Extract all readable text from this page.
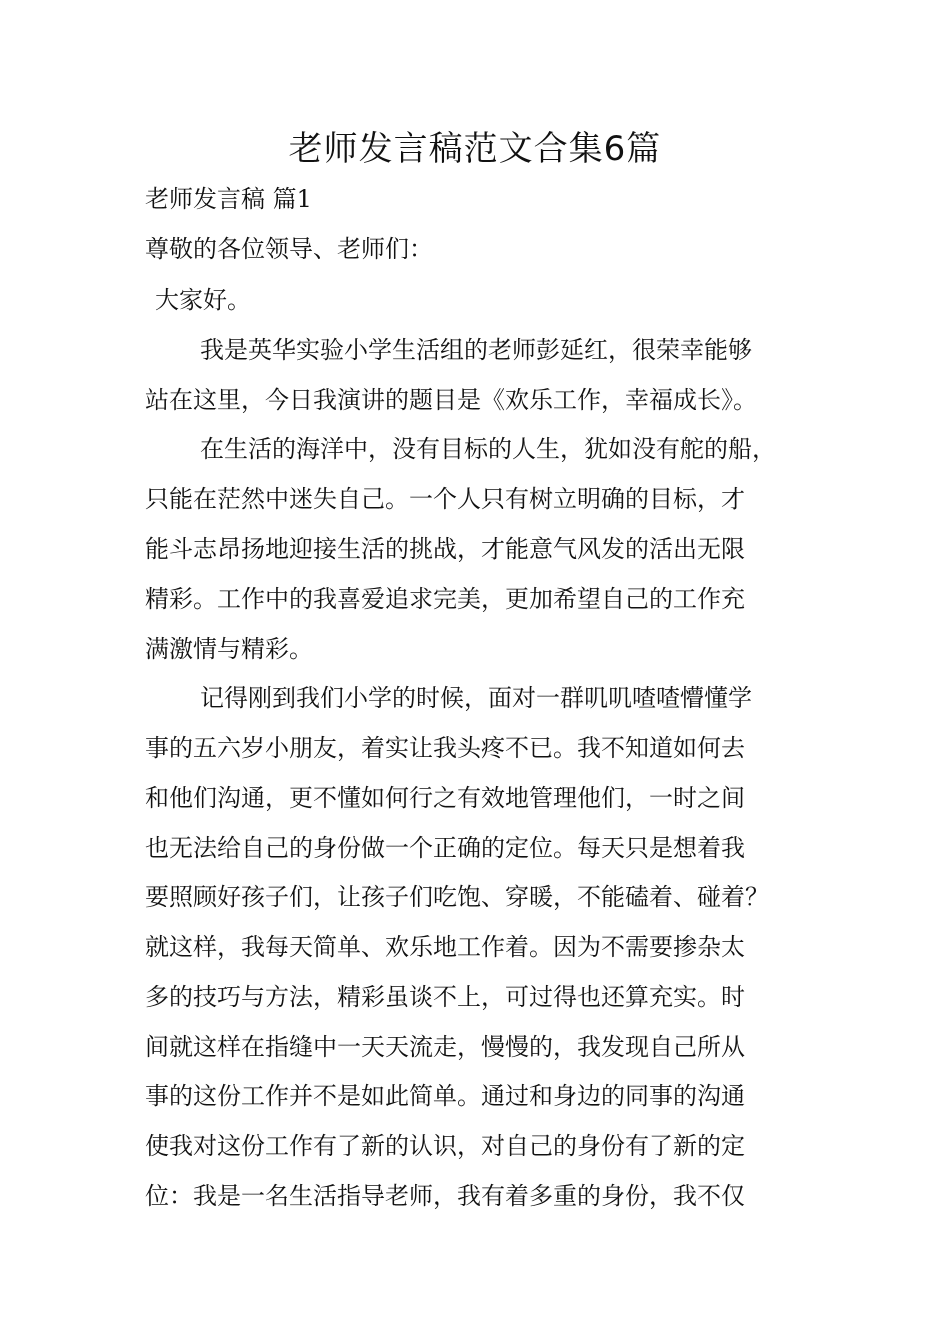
老师发言稿范文合集6篇
老师发言稿 篇1
尊敬的各位领导、老师们：
大家好。
我是英华实验小学生活组的老师彭延红，很荣幸能够
站在这里，今日我演讲的题目是《欢乐工作，幸福成长》。
在生活的海洋中，没有目标的人生，犹如没有舵的船，
只能在茫然中迷失自己。一个人只有树立明确的目标，才
能斗志昂扬地迎接生活的挑战，才能意气风发的活出无限
精彩。工作中的我喜爱追求完美，更加希望自己的工作充
满激情与精彩。
记得刚到我们小学的时候，面对一群叽叽喳喳懵懂学
事的五六岁小朋友，着实让我头疼不已。我不知道如何去
和他们沟通，更不懂如何行之有效地管理他们，一时之间
也无法给自己的身份做一个正确的定位。每天只是想着我
要照顾好孩子们，让孩子们吃饱、穿暖，不能磕着、碰着？
就这样，我每天简单、欢乐地工作着。因为不需要掺杂太
多的技巧与方法，精彩虽谈不上，可过得也还算充实。时
间就这样在指缝中一天天流走，慢慢的，我发现自己所从
事的这份工作并不是如此简单。通过和身边的同事的沟通
使我对这份工作有了新的认识，对自己的身份有了新的定
位：我是一名生活指导老师，我有着多重的身份，我不仅
